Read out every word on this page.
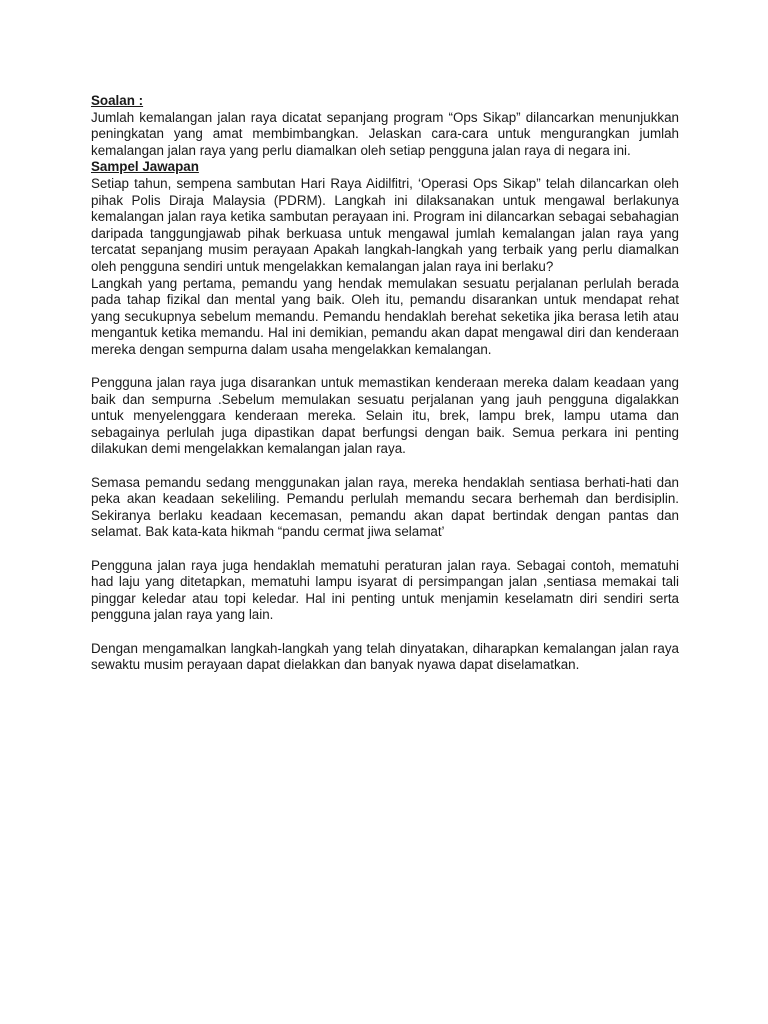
Soalan :

Jumlah kemalangan jalan raya dicatat sepanjang program “Ops Sikap” dilancarkan menunjukkan peningkatan yang amat membimbangkan. Jelaskan cara-cara untuk mengurangkan jumlah kemalangan jalan raya yang perlu diamalkan oleh setiap pengguna jalan raya di negara ini.

Sampel Jawapan

Setiap tahun, sempena sambutan Hari Raya Aidilfitri, ‘Operasi Ops Sikap” telah dilancarkan oleh pihak Polis Diraja Malaysia (PDRM). Langkah ini dilaksanakan untuk mengawal berlakunya kemalangan jalan raya ketika sambutan perayaan ini. Program ini dilancarkan sebagai sebahagian daripada tanggungjawab pihak berkuasa untuk mengawal jumlah kemalangan jalan raya yang tercatat sepanjang musim perayaan Apakah langkah-langkah yang terbaik yang perlu diamalkan oleh pengguna sendiri untuk mengelakkan kemalangan jalan raya ini berlaku?

Langkah yang pertama, pemandu yang hendak memulakan sesuatu perjalanan perlulah berada pada tahap fizikal dan mental yang baik. Oleh itu, pemandu disarankan untuk mendapat rehat yang secukupnya sebelum memandu. Pemandu hendaklah berehat seketika jika berasa letih atau mengantuk ketika memandu. Hal ini demikian, pemandu akan dapat mengawal diri dan kenderaan mereka dengan sempurna dalam usaha mengelakkan kemalangan.

Pengguna jalan raya juga disarankan untuk memastikan kenderaan mereka dalam keadaan yang baik dan sempurna .Sebelum memulakan sesuatu perjalanan yang jauh pengguna digalakkan untuk menyelenggara kenderaan mereka. Selain itu, brek, lampu brek, lampu utama dan sebagainya perlulah juga dipastikan dapat berfungsi dengan baik. Semua perkara ini penting dilakukan demi mengelakkan kemalangan jalan raya.

Semasa pemandu sedang menggunakan jalan raya, mereka hendaklah sentiasa berhati-hati dan peka akan keadaan sekeliling. Pemandu perlulah memandu secara berhemah dan berdisiplin. Sekiranya berlaku keadaan kecemasan, pemandu akan dapat bertindak dengan pantas dan selamat. Bak kata-kata hikmah “pandu cermat jiwa selamat’

Pengguna jalan raya juga hendaklah mematuhi peraturan jalan raya. Sebagai contoh, mematuhi had laju yang ditetapkan, mematuhi lampu isyarat di persimpangan jalan ,sentiasa memakai tali pinggar keledar atau topi keledar. Hal ini penting untuk menjamin keselamatn diri sendiri serta pengguna jalan raya yang lain.

Dengan mengamalkan langkah-langkah yang telah dinyatakan, diharapkan kemalangan jalan raya sewaktu musim perayaan dapat dielakkan dan banyak nyawa dapat diselamatkan.
